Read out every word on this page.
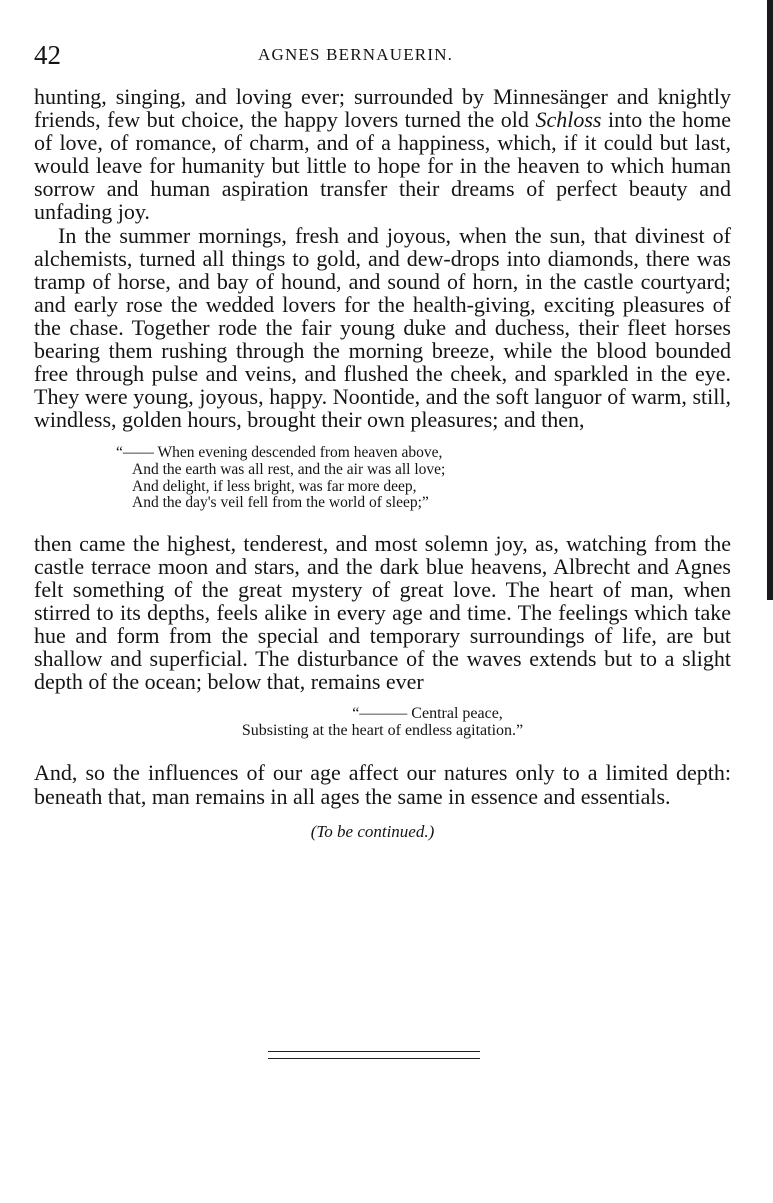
42	AGNES BERNAUERIN.

hunting, singing, and loving ever; surrounded by Minnesänger and knightly friends, few but choice, the happy lovers turned the old Schloss into the home of love, of romance, of charm, and of a happiness, which, if it could but last, would leave for humanity but little to hope for in the heaven to which human sorrow and human aspiration transfer their dreams of perfect beauty and unfading joy.

In the summer mornings, fresh and joyous, when the sun, that divinest of alchemists, turned all things to gold, and dew-drops into diamonds, there was tramp of horse, and bay of hound, and sound of horn, in the castle courtyard; and early rose the wedded lovers for the health-giving, exciting pleasures of the chase. Together rode the fair young duke and duchess, their fleet horses bearing them rushing through the morning breeze, while the blood bounded free through pulse and veins, and flushed the cheek, and sparkled in the eye. They were young, joyous, happy. Noontide, and the soft languor of warm, still, windless, golden hours, brought their own pleasures; and then,

“—— When evening descended from heaven above,
And the earth was all rest, and the air was all love;
And delight, if less bright, was far more deep,
And the day's veil fell from the world of sleep;”

then came the highest, tenderest, and most solemn joy, as, watching from the castle terrace moon and stars, and the dark blue heavens, Albrecht and Agnes felt something of the great mystery of great love. The heart of man, when stirred to its depths, feels alike in every age and time. The feelings which take hue and form from the special and temporary surroundings of life, are but shallow and superficial. The disturbance of the waves extends but to a slight depth of the ocean; below that, remains ever

“——— Central peace,
Subsisting at the heart of endless agitation.”

And, so the influences of our age affect our natures only to a limited depth: beneath that, man remains in all ages the same in essence and essentials.

(To be continued.)
